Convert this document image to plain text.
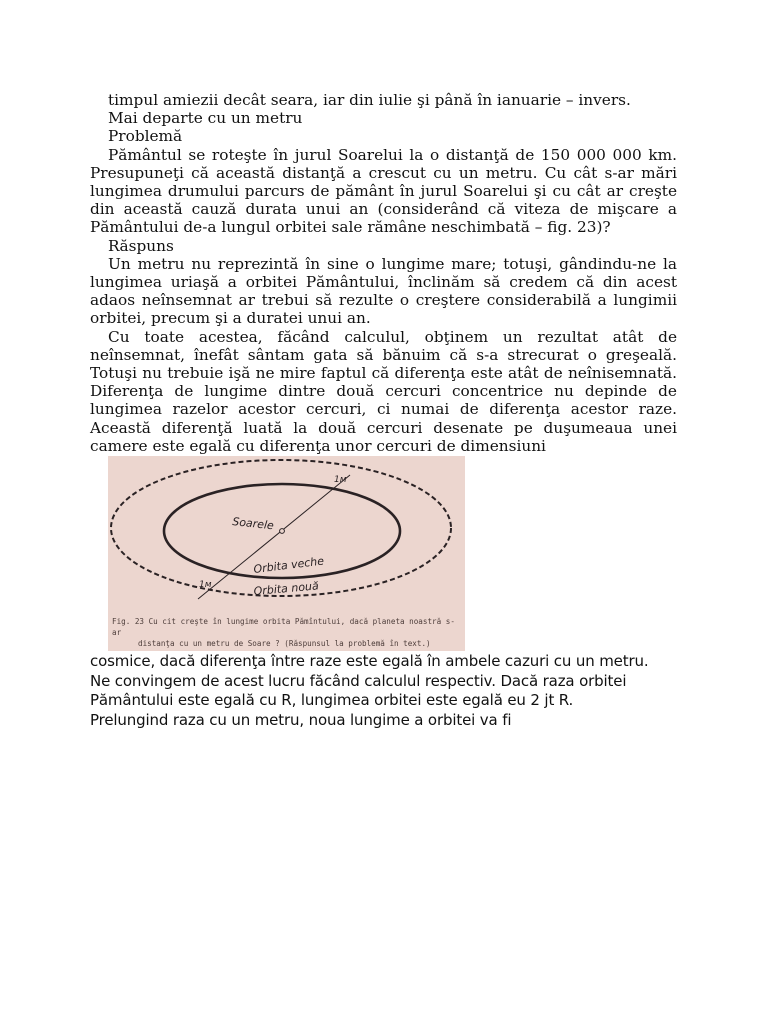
timpul amiezii decât seara, iar din iulie şi până în ianuarie – invers.

Mai departe cu un metru

Problemă

Pământul se roteşte în jurul Soarelui la o distanţă de 150 000 000 km. Presupuneţi că această distanţă a crescut cu un metru. Cu cât s-ar mări lungimea drumului parcurs de pământ în jurul Soarelui şi cu cât ar creşte din această cauză durata unui an (considerând că viteza de mişcare a Pământului de-a lungul orbitei sale rămâne neschimbată – fig. 23)?

Răspuns

Un metru nu reprezintă în sine o lungime mare; totuşi, gândindu-ne la lungimea uriaşă a orbitei Pământului, înclinăm să credem că din acest adaos neînsemnat ar trebui să rezulte o creştere considerabilă a lungimii orbitei, precum şi a duratei unui an.

Cu toate acestea, făcând calculul, obţinem un rezultat atât de neînsemnat, înefât sântam gata să bănuim că s-a strecurat o greşeală. Totuşi nu trebuie işă ne mire faptul că diferenţa este atât de neînisemnată. Diferenţa de lungime dintre două cercuri concentrice nu depinde de lungimea razelor acestor cercuri, ci numai de diferenţa acestor raze. Această diferenţă luată la două cercuri desenate pe duşumeaua unei camere este egală cu diferenţa unor cercuri de dimensiuni

Soarele
Orbita veche
Orbita nouă
1м
1м
Fig. 23 Cu cit creşte în lungime orbita Pămîntului, dacă planeta noastră s-ar
distanţa cu un metru de Soare ? (Răspunsul la problemă în text.)

cosmice, dacă diferenţa între raze este egală în ambele cazuri cu un metru.

Ne convingem de acest lucru făcând calculul respectiv. Dacă raza orbitei

Pământului este egală cu R, lungimea orbitei este egală eu 2 jt R.

Prelungind raza cu un metru, noua lungime a orbitei va fi
